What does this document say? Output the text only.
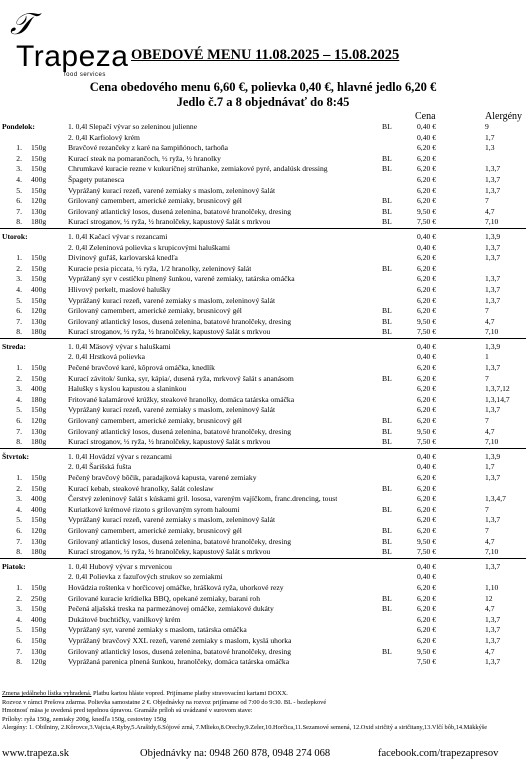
𝒯
Trapeza
food services
OBEDOVÉ MENU 11.08.2025 – 15.08.2025
Cena obedového menu 6,60 €, polievka 0,40 €, hlavné jedlo 6,20 €
Jedlo č.7 a 8 objednávať do 8:45
Cena	Alergény
Pondelok:	1. 0,4l Slepačí vývar so zeleninou julienne	BL	0,40 €	9
2. 0,4l Karfiolový krém	0,40 €	1,7
1. 150g	Bravčové rezančeky z karé na šampiňónoch, tarhoňa	6,20 €	1,3
2. 150g	Kurací steak na pomarančoch, ½ ryža, ½ hranolky	BL	6,20 €
3. 150g	Chrumkavé kuracie rezne v kukuričnej strúhanke, zemiakové pyré, andalúsk dressing	BL	6,20 €	1,3,7
4. 400g	Špagety putanesca	6,20 €	1,3,7
5. 150g	Vyprážaný kurací rezeň, varené zemiaky s maslom, zeleninový šalát	6,20 €	1,3,7
6. 120g	Grilovaný camembert, americké zemiaky, brusnicový gél	BL	6,20 €	7
7. 130g	Grilovaný atlantický losos, dusená zelenina, batatové hranolčeky, dresing	BL	9,50 €	4,7
8. 180g	Kurací stroganov, ½ ryža, ½ hranolčeky, kapustový šalát s mrkvou	BL	7,50 €	7,10
Utorok:	1. 0,4l Kačací vývar s rezancami	0,40 €	1,3,9
2. 0,4l Zeleninová polievka s krupicovými haluškami	0,40 €	1,3,7
1. 150g	Divinový guľáš, karlovarská knedľa	6,20 €	1,3,7
2. 150g	Kuracie prsia piccata, ½ ryža, 1/2 hranolky, zeleninový šalát	BL	6,20 €
3. 150g	Vyprážaný syr v cestíčku plnený šunkou, varené zemiaky, tatárska omáčka	6,20 €	1,3,7
4. 400g	Hlivový perkelt, maslové halušky	6,20 €	1,3,7
5. 150g	Vyprážaný kurací rezeň, varené zemiaky s maslom, zeleninový šalát	6,20 €	1,3,7
6. 120g	Grilovaný camembert, americké zemiaky, brusnicový gél	BL	6,20 €	7
7. 130g	Grilovaný atlantický losos, dusená zelenina, batatové hranolčeky, dresing	BL	9,50 €	4,7
8. 180g	Kurací stroganov, ½ ryža, ½ hranolčeky, kapustový šalát s mrkvou	BL	7,50 €	7,10
Streda:	1. 0,4l Mäsový vývar s haluškami	0,40 €	1,3,9
2. 0,4l Hrstková polievka	0,40 €	1
1. 150g	Pečené bravčové karé, kôprová omáčka, knedlík	6,20 €	1,3,7
2. 150g	Kurací závitok/ šunka, syr, kápia/, dusená ryža, mrkvový šalát s ananásom	BL	6,20 €	7
3. 400g	Halušky s kyslou kapustou a slaninkou	6,20 €	1,3,7,12
4. 180g	Fritované kalamárové krúžky, steakové hranolky, domáca tatárska omáčka	6,20 €	1,3,14,7
5. 150g	Vyprážaný kurací rezeň, varené zemiaky s maslom, zeleninový šalát	6,20 €	1,3,7
6. 120g	Grilovaný camembert, americké zemiaky, brusnicový gél	BL	6,20 €	7
7. 130g	Grilovaný atlantický losos, dusená zelenina, batatové hranolčeky, dresing	BL	9,50 €	4,7
8. 180g	Kurací stroganov, ½ ryža, ½ hranolčeky, kapustový šalát s mrkvou	BL	7,50 €	7,10
Štvrtok:	1. 0,4l Hovädzí vývar s rezancami	0,40 €	1,3,9
2. 0,4l Šarišská fušta	0,40 €	1,7
1. 150g	Pečený bravčový bôčik, paradajková kapusta, varené zemiaky	6,20 €	1,3,7
2. 150g	Kurací kebab, steakové hranolky, šalát coleslaw	BL	6,20 €
3. 400g	Čerstvý zeleninový šalát s kúskami gril. lososa, vareným vajíčkom, franc.drencing, toust	6,20 €	1,3,4,7
4. 400g	Kuriatkové krémové rizoto s grilovaným syrom haloumi	BL	6,20 €	7
5. 150g	Vyprážaný kurací rezeň, varené zemiaky s maslom, zeleninový šalát	6,20 €	1,3,7
6. 120g	Grilovaný camembert, americké zemiaky, brusnicový gél	BL	6,20 €	7
7. 130g	Grilovaný atlantický losos, dusená zelenina, batatové hranolčeky, dresing	BL	9,50 €	4,7
8. 180g	Kurací stroganov, ½ ryža, ½ hranolčeky, kapustový šalát s mrkvou	BL	7,50 €	7,10
Piatok:	1. 0,4l Hubový vývar s mrvenicou	0,40 €	1,3,7
2. 0,4l Polievka z fazuľových strukov so zemiakmi	0,40 €
1. 150g	Hovädzia roštenka v horčicovej omáčke, hrášková ryža, uhorkové rezy	6,20 €	1,10
2. 250g	Grilované kuracie krídielka BBQ, opekané zemiaky, barani roh	BL	6,20 €	12
3. 150g	Pečená aljašská treska na parmezánovej omáčke, zemiakové dukáty	BL	6,20 €	4,7
4. 400g	Dukátové buchtičky, vanilkový krém	6,20 €	1,3,7
5. 150g	Vyprážaný syr, varené zemiaky s maslom, tatárska omáčka	6,20 €	1,3,7
6. 150g	Vyprážaný bravčový XXL rezeň, varené zemiaky s maslom, kyslá uhorka	6,20 €	1,3,7
7. 130g	Grilovaný atlantický losos, dusená zelenina, batatové hranolčeky, dresing	BL	9,50 €	4,7
8. 120g	Vyprážaná parenica plnená šunkou, hranolčeky, domáca tatárska omáčka	7,50 €	1,3,7
Zmena jedálneho lístka vyhradená. Platbu kartou hláste vopred. Prijímame platby stravovacími kartami DOXX.
Rozvoz v rámci Prešova zdarma. Polievka samostatne 2 €. Objednávky na rozvoz prijímame od 7:00 do 9:30. BL - bezlepkové
Hmotnosť mäsa je uvedená pred tepelnou úpravou. Gramáže príloh sú uvádzané v surovom stave:
Prílohy: ryža 150g, zemiaky 200g, knedľa 150g, cestoviny 150g
Alergény: 1. Obilniny, 2.Kôrovce,3.Vajcia,4.Ryby,5.Arašidy,6.Sójové zrná, 7.Mlieko,8.Orechy,9.Zeler,10.Horčica,11.Sezamové semená, 12.Oxid siričitý a siričitany,13.Vlčí bôb,14.Mäkkýše
www.trapeza.sk	Objednávky na: 0948 260 878, 0948 274 068	facebook.com/trapezapresov
